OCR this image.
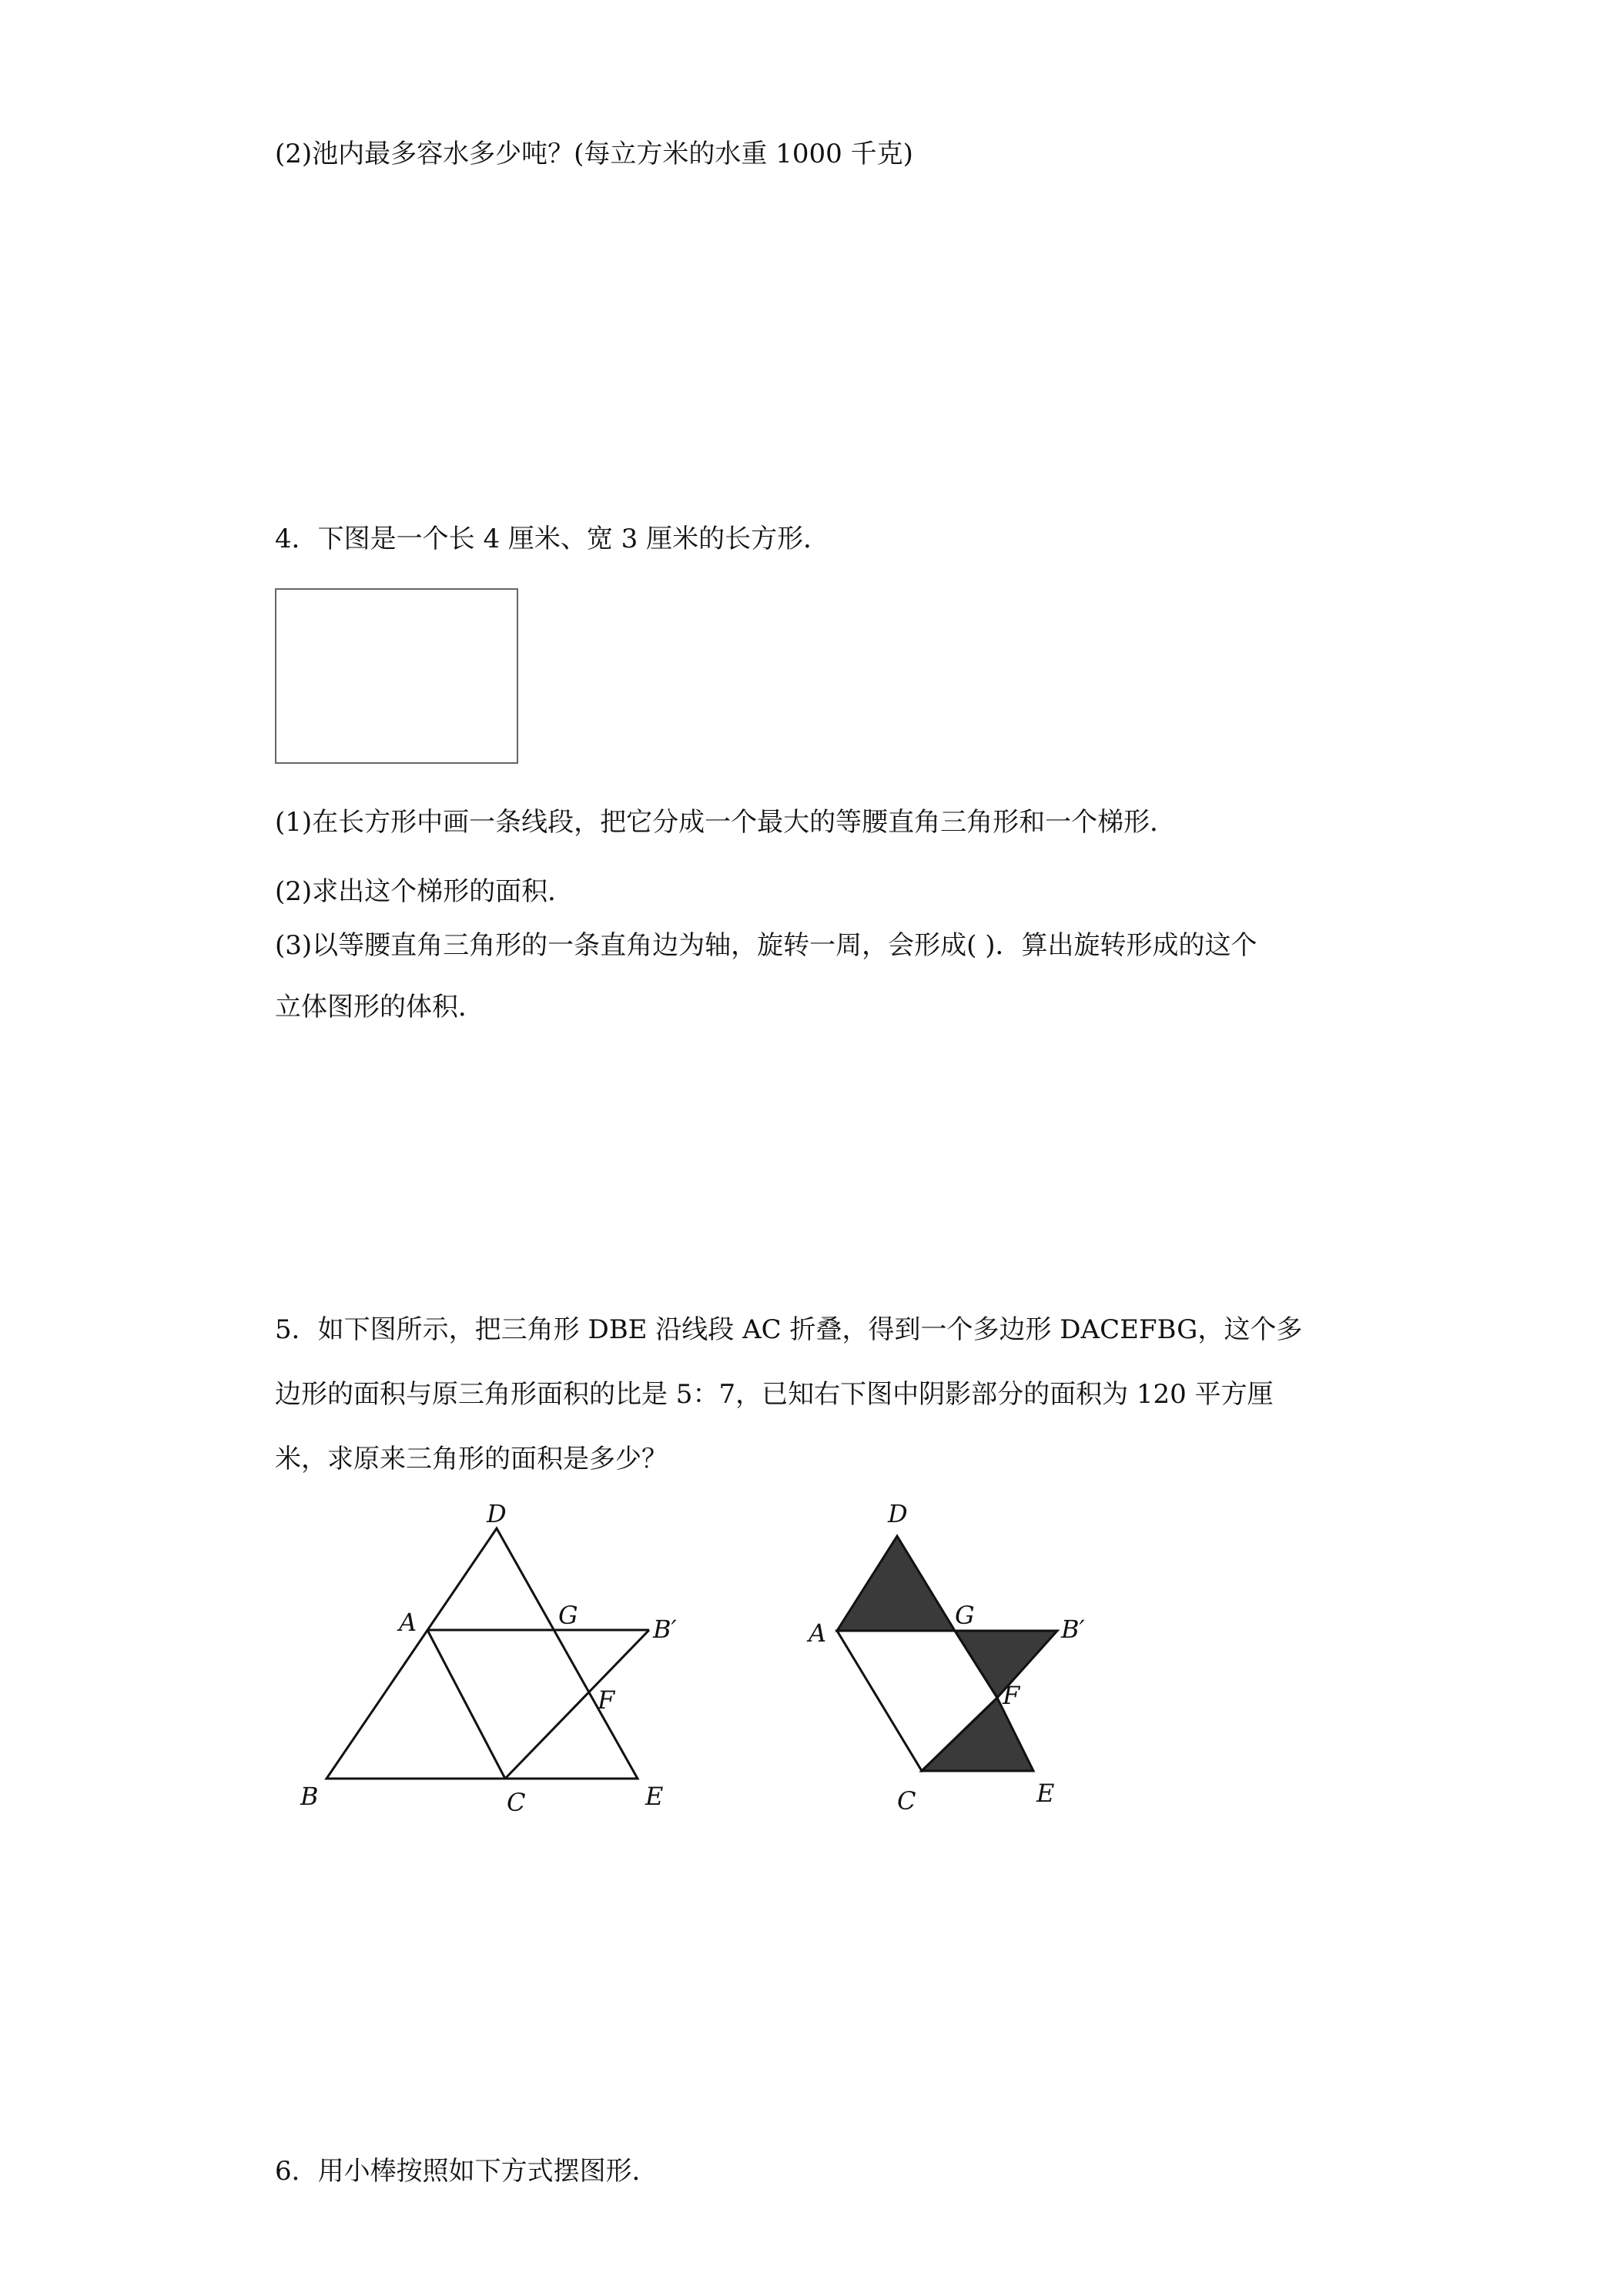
(2)池内最多容水多少吨？(每立方米的水重 1000 千克)
4．下图是一个长 4 厘米、宽 3 厘米的长方形．
(1)在长方形中画一条线段，把它分成一个最大的等腰直角三角形和一个梯形．
(2)求出这个梯形的面积．
(3)以等腰直角三角形的一条直角边为轴，旋转一周，会形成( )．算出旋转形成的这个
立体图形的体积．
5．如下图所示，把三角形 DBE 沿线段 AC 折叠，得到一个多边形 DACEFBG，这个多
边形的面积与原三角形面积的比是 5：7，已知右下图中阴影部分的面积为 120 平方厘
米，求原来三角形的面积是多少？
D
A	G	B′
F
B	C	E
D
A
G	B′
F
C	E
6．用小棒按照如下方式摆图形．
